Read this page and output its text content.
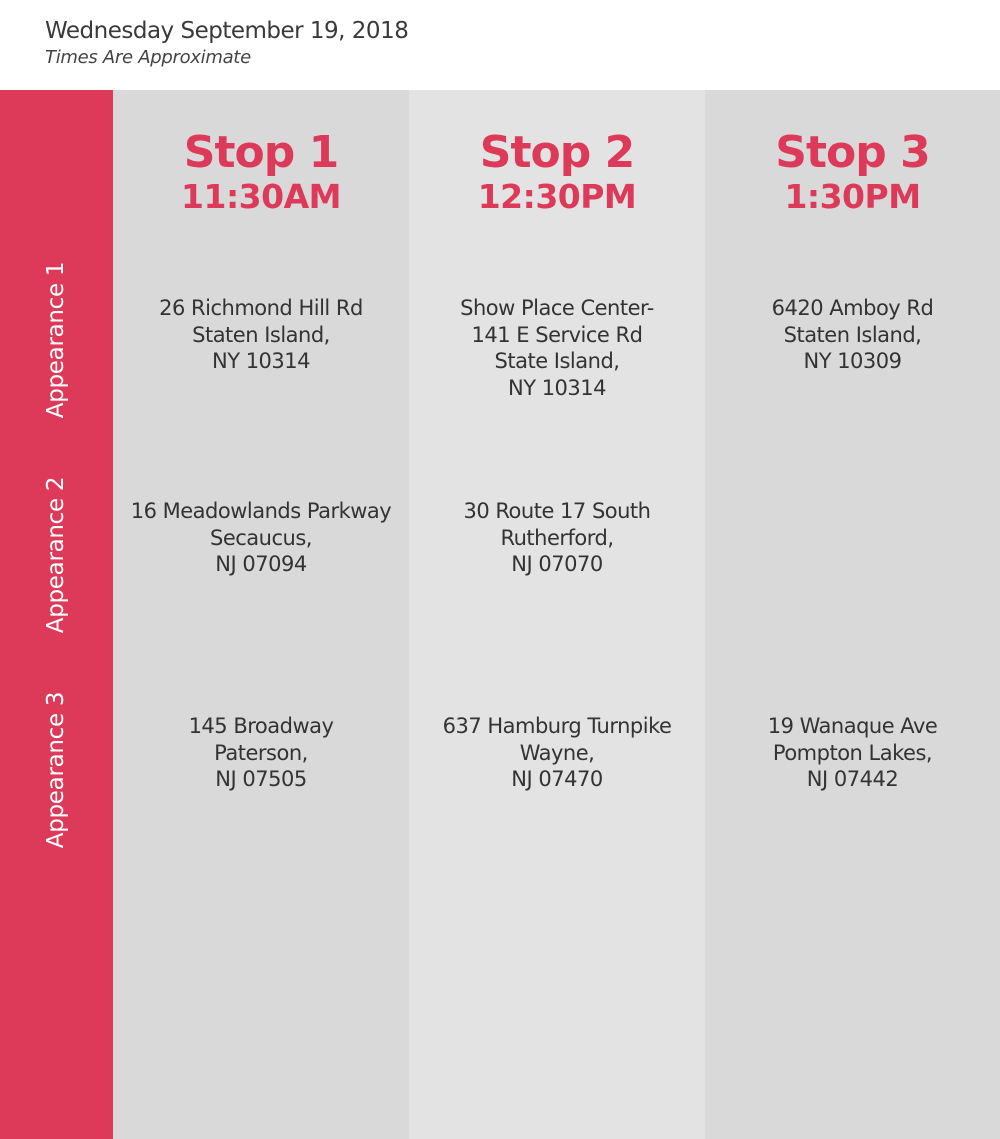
Wednesday September 19, 2018
Times Are Approximate
Appearance 1
Appearance 2
Appearance 3
Stop 1
11:30AM
26 Richmond Hill Rd
Staten Island,
NY 10314
16 Meadowlands Parkway
Secaucus,
NJ 07094
145 Broadway
Paterson,
NJ 07505
Stop 2
12:30PM
Show Place Center-
141 E Service Rd
State Island,
NY 10314
30 Route 17 South
Rutherford,
NJ 07070
637 Hamburg Turnpike
Wayne,
NJ 07470
Stop 3
1:30PM
6420 Amboy Rd
Staten Island,
NY 10309
19 Wanaque Ave
Pompton Lakes,
NJ 07442
